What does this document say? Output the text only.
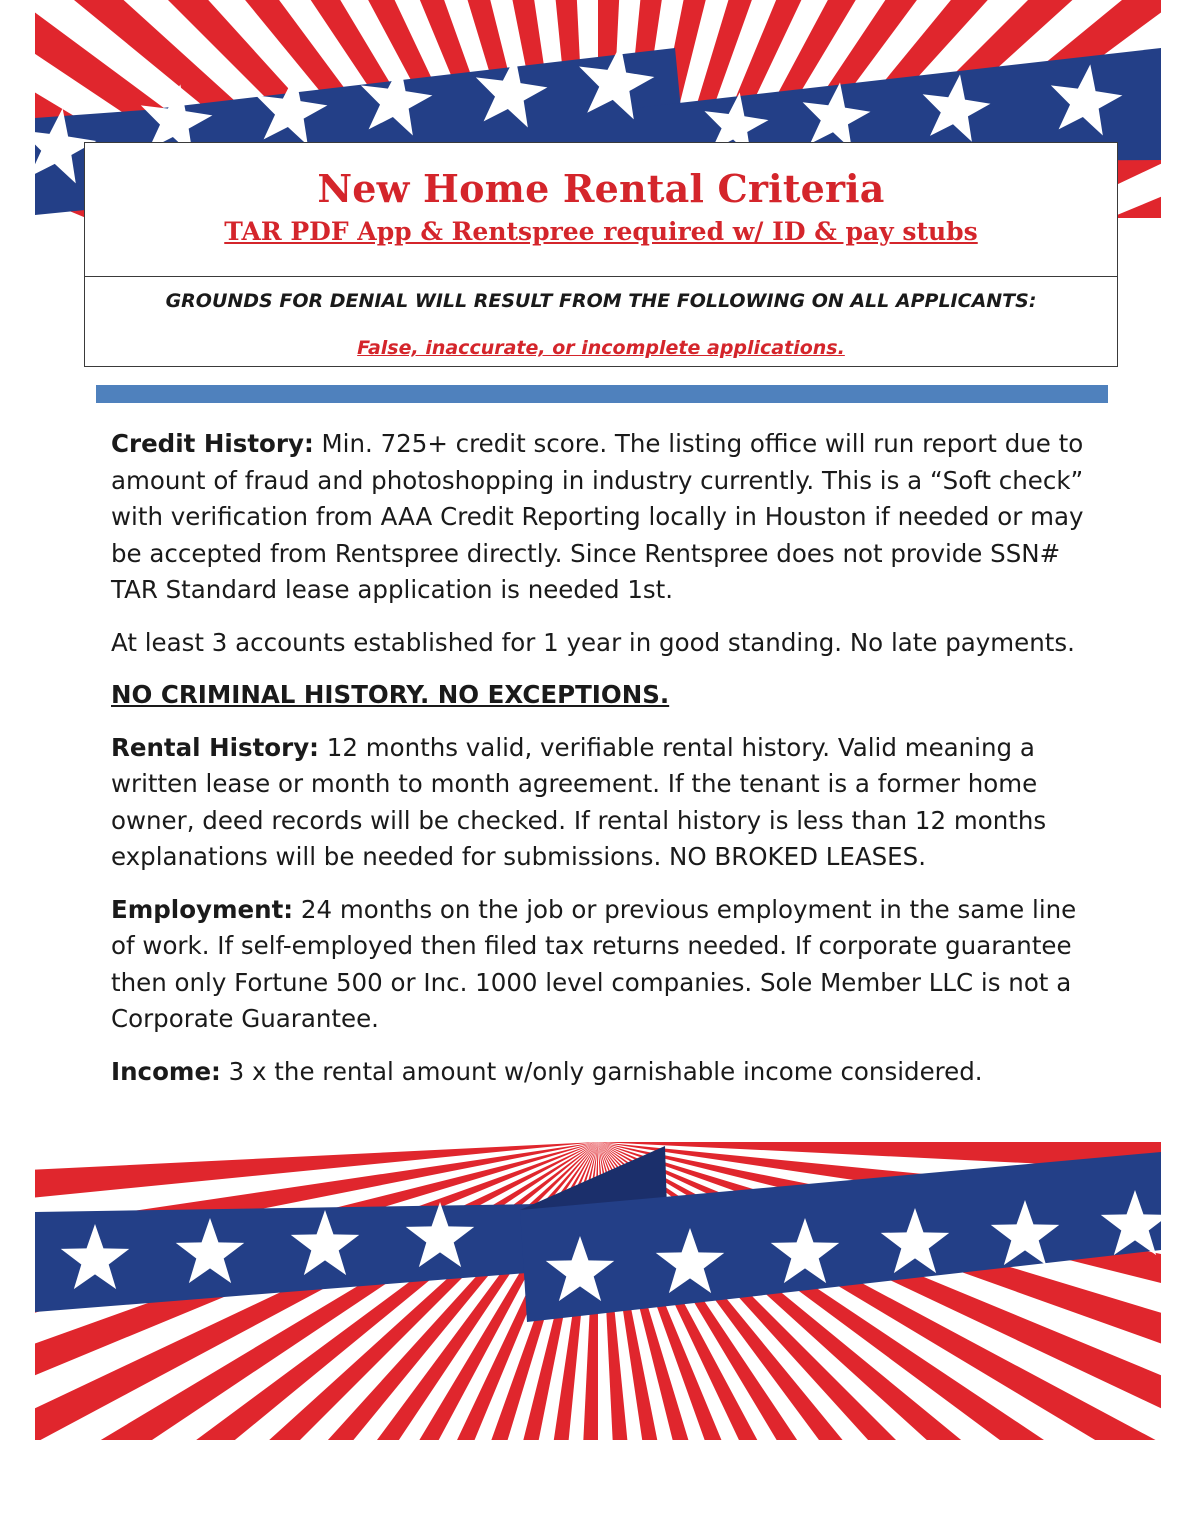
New Home Rental Criteria
TAR PDF App & Rentspree required w/ ID & pay stubs
GROUNDS FOR DENIAL WILL RESULT FROM THE FOLLOWING ON ALL APPLICANTS:
False, inaccurate, or incomplete applications.

Credit History: Min. 725+ credit score. The listing office will run report due to amount of fraud and photoshopping in industry currently. This is a “Soft check” with verification from AAA Credit Reporting locally in Houston if needed or may be accepted from Rentspree directly. Since Rentspree does not provide SSN# TAR Standard lease application is needed 1st.

At least 3 accounts established for 1 year in good standing. No late payments.

NO CRIMINAL HISTORY. NO EXCEPTIONS.

Rental History: 12 months valid, verifiable rental history. Valid meaning a written lease or month to month agreement. If the tenant is a former home owner, deed records will be checked. If rental history is less than 12 months explanations will be needed for submissions. NO BROKED LEASES.

Employment: 24 months on the job or previous employment in the same line of work. If self-employed then filed tax returns needed. If corporate guarantee then only Fortune 500 or Inc. 1000 level companies. Sole Member LLC is not a Corporate Guarantee.

Income: 3 x the rental amount w/only garnishable income considered.
